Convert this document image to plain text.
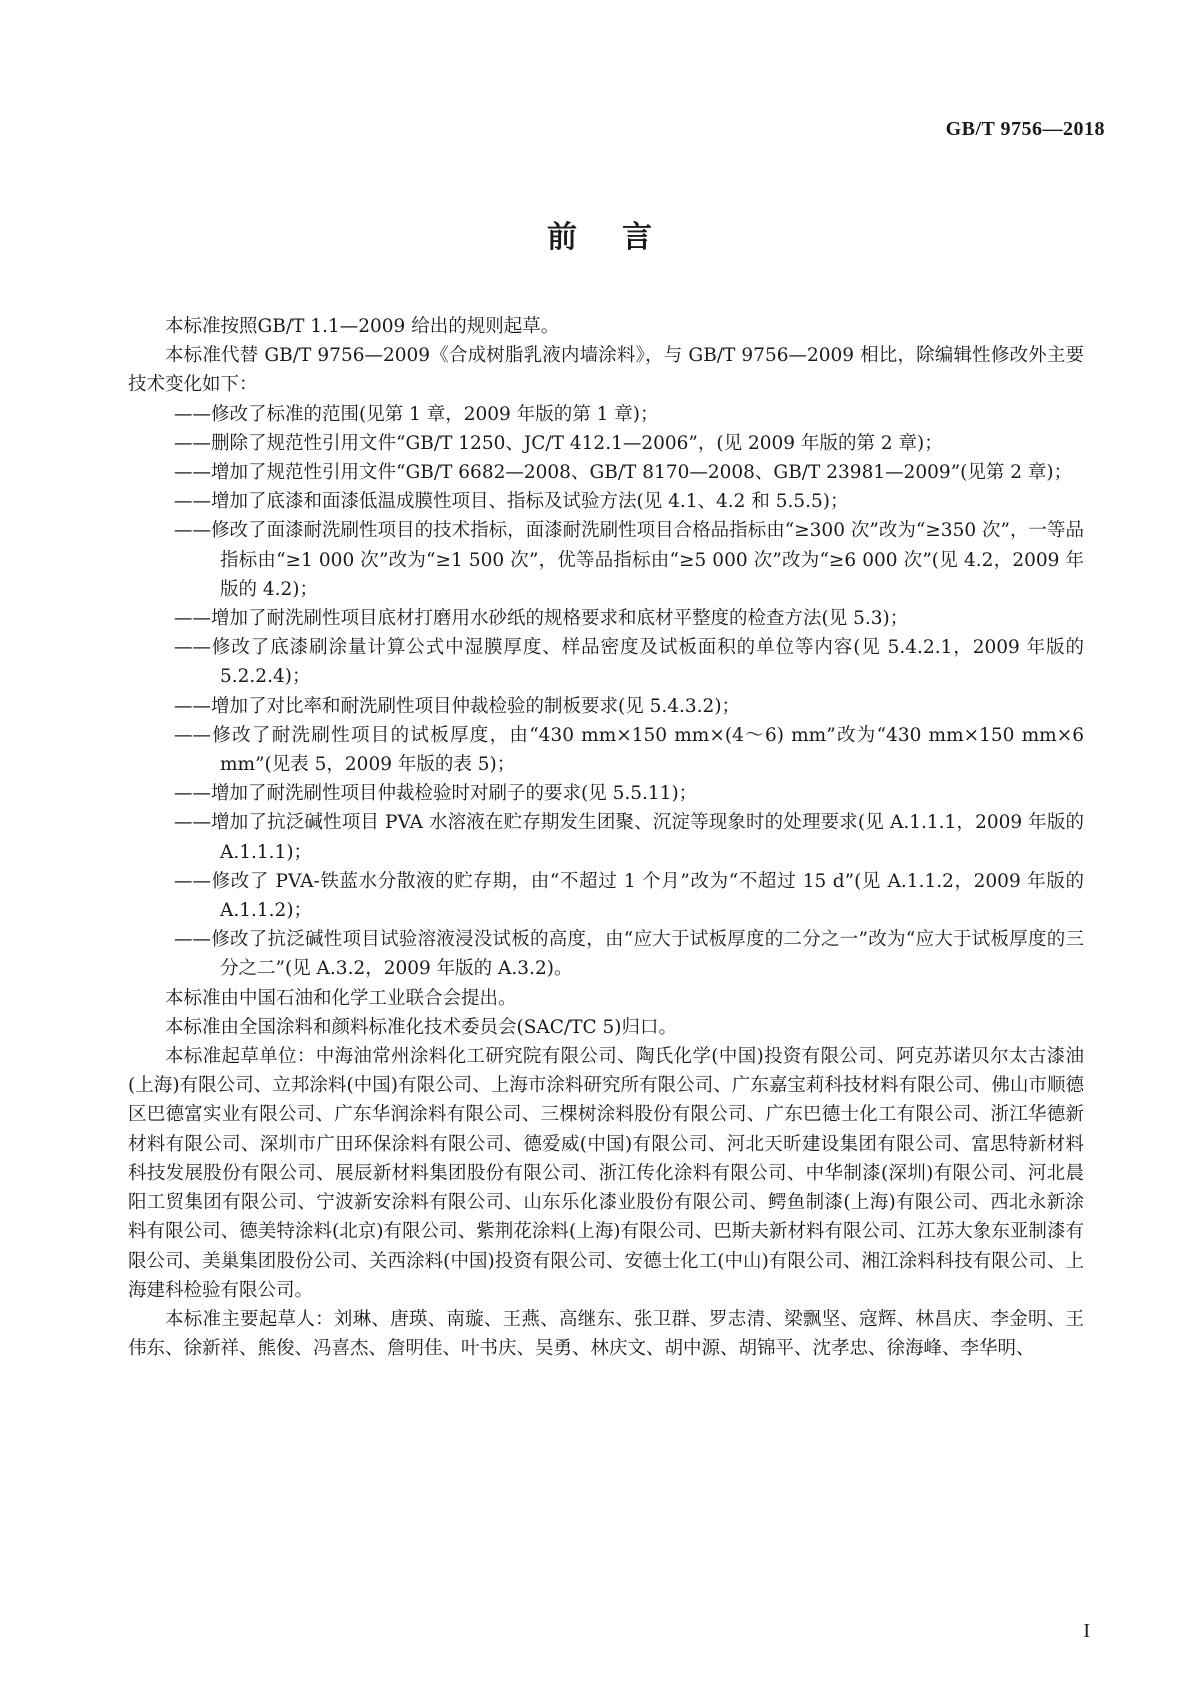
GB/T 9756—2018
前 言

本标准按照GB/T 1.1—2009 给出的规则起草。

本标准代替 GB/T 9756—2009《合成树脂乳液内墙涂料》，与 GB/T 9756—2009 相比，除编辑性修改外主要技术变化如下：

——修改了标准的范围(见第 1 章，2009 年版的第 1 章)；

——删除了规范性引用文件“GB/T 1250、JC/T 412.1—2006”，(见 2009 年版的第 2 章)；

——增加了规范性引用文件“GB/T 6682—2008、GB/T 8170—2008、GB/T 23981—2009”(见第 2 章)；

——增加了底漆和面漆低温成膜性项目、指标及试验方法(见 4.1、4.2 和 5.5.5)；

——修改了面漆耐洗刷性项目的技术指标，面漆耐洗刷性项目合格品指标由“≥300 次”改为“≥350 次”，一等品指标由“≥1 000 次”改为“≥1 500 次”，优等品指标由“≥5 000 次”改为“≥6 000 次”(见 4.2，2009 年版的 4.2)；

——增加了耐洗刷性项目底材打磨用水砂纸的规格要求和底材平整度的检查方法(见 5.3)；

——修改了底漆刷涂量计算公式中湿膜厚度、样品密度及试板面积的单位等内容(见 5.4.2.1，2009 年版的 5.2.2.4)；

——增加了对比率和耐洗刷性项目仲裁检验的制板要求(见 5.4.3.2)；

——修改了耐洗刷性项目的试板厚度，由“430 mm×150 mm×(4～6) mm”改为“430 mm×150 mm×6 mm”(见表 5，2009 年版的表 5)；

——增加了耐洗刷性项目仲裁检验时对刷子的要求(见 5.5.11)；

——增加了抗泛碱性项目 PVA 水溶液在贮存期发生团聚、沉淀等现象时的处理要求(见 A.1.1.1，2009 年版的 A.1.1.1)；

——修改了 PVA-铁蓝水分散液的贮存期，由“不超过 1 个月”改为“不超过 15 d”(见 A.1.1.2，2009 年版的 A.1.1.2)；

——修改了抗泛碱性项目试验溶液浸没试板的高度，由“应大于试板厚度的二分之一”改为“应大于试板厚度的三分之二”(见 A.3.2，2009 年版的 A.3.2)。

本标准由中国石油和化学工业联合会提出。

本标准由全国涂料和颜料标准化技术委员会(SAC/TC 5)归口。

本标准起草单位：中海油常州涂料化工研究院有限公司、陶氏化学(中国)投资有限公司、阿克苏诺贝尔太古漆油(上海)有限公司、立邦涂料(中国)有限公司、上海市涂料研究所有限公司、广东嘉宝莉科技材料有限公司、佛山市顺德区巴德富实业有限公司、广东华润涂料有限公司、三棵树涂料股份有限公司、广东巴德士化工有限公司、浙江华德新材料有限公司、深圳市广田环保涂料有限公司、德爱威(中国)有限公司、河北天昕建设集团有限公司、富思特新材料科技发展股份有限公司、展辰新材料集团股份有限公司、浙江传化涂料有限公司、中华制漆(深圳)有限公司、河北晨阳工贸集团有限公司、宁波新安涂料有限公司、山东乐化漆业股份有限公司、鳄鱼制漆(上海)有限公司、西北永新涂料有限公司、德美特涂料(北京)有限公司、紫荆花涂料(上海)有限公司、巴斯夫新材料有限公司、江苏大象东亚制漆有限公司、美巢集团股份公司、关西涂料(中国)投资有限公司、安德士化工(中山)有限公司、湘江涂料科技有限公司、上海建科检验有限公司。

本标准主要起草人：刘琳、唐瑛、南璇、王燕、高继东、张卫群、罗志清、梁飘坚、寇辉、林昌庆、李金明、王伟东、徐新祥、熊俊、冯喜杰、詹明佳、叶书庆、吴勇、林庆文、胡中源、胡锦平、沈孝忠、徐海峰、李华明、

I
